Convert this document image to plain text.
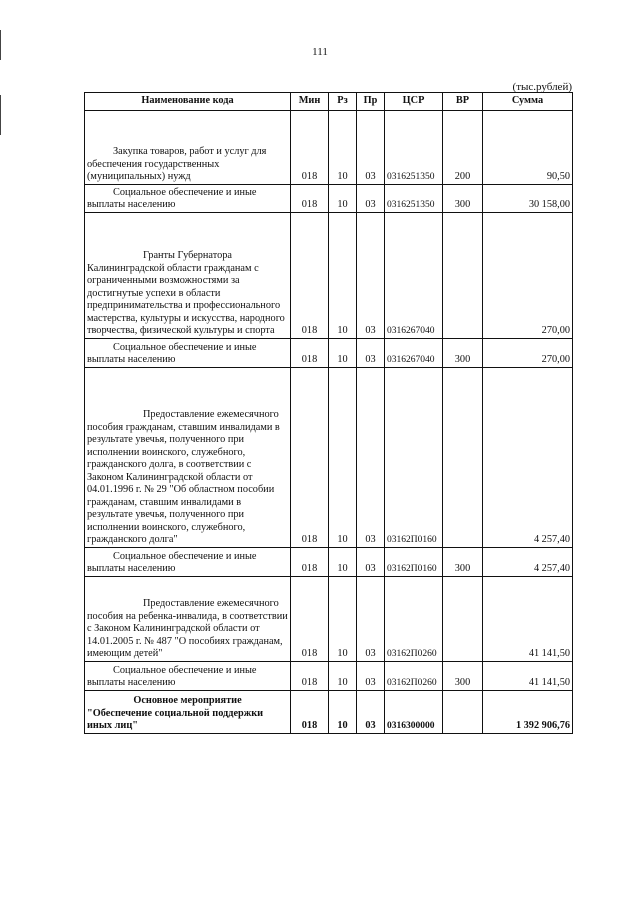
111
(тыс.рублей)
Наименование кода	Мин	Рз	Пр	ЦСР	ВР	Сумма
Закупка товаров, работ и услуг для обеспечения государственных (муниципальных) нужд	018	10	03	0316251350	200	90,50
Социальное обеспечение и иные выплаты населению	018	10	03	0316251350	300	30 158,00
Гранты Губернатора Калининградской области гражданам с ограниченными возможностями за достигнутые успехи в области предпринимательства и профессионального мастерства, культуры и искусства, народного творчества, физической культуры и спорта	018	10	03	0316267040		270,00
Социальное обеспечение и иные выплаты населению	018	10	03	0316267040	300	270,00
Предоставление ежемесячного пособия гражданам, ставшим инвалидами в результате увечья, полученного при исполнении воинского, служебного, гражданского долга, в соответствии с Законом Калининградской области от 04.01.1996 г. № 29 "Об областном пособии гражданам, ставшим инвалидами в результате увечья, полученного при исполнении воинского, служебного, гражданского долга"	018	10	03	03162П0160		4 257,40
Социальное обеспечение и иные выплаты населению	018	10	03	03162П0160	300	4 257,40
Предоставление ежемесячного пособия на ребенка-инвалида, в соответствии с Законом Калининградской области от 14.01.2005 г. № 487 "О пособиях гражданам, имеющим детей"	018	10	03	03162П0260		41 141,50
Социальное обеспечение и иные выплаты населению	018	10	03	03162П0260	300	41 141,50

Основное мероприятие
"Обеспечение социальной поддержки иных лиц"	018	10	03	0316300000		1 392 906,76
